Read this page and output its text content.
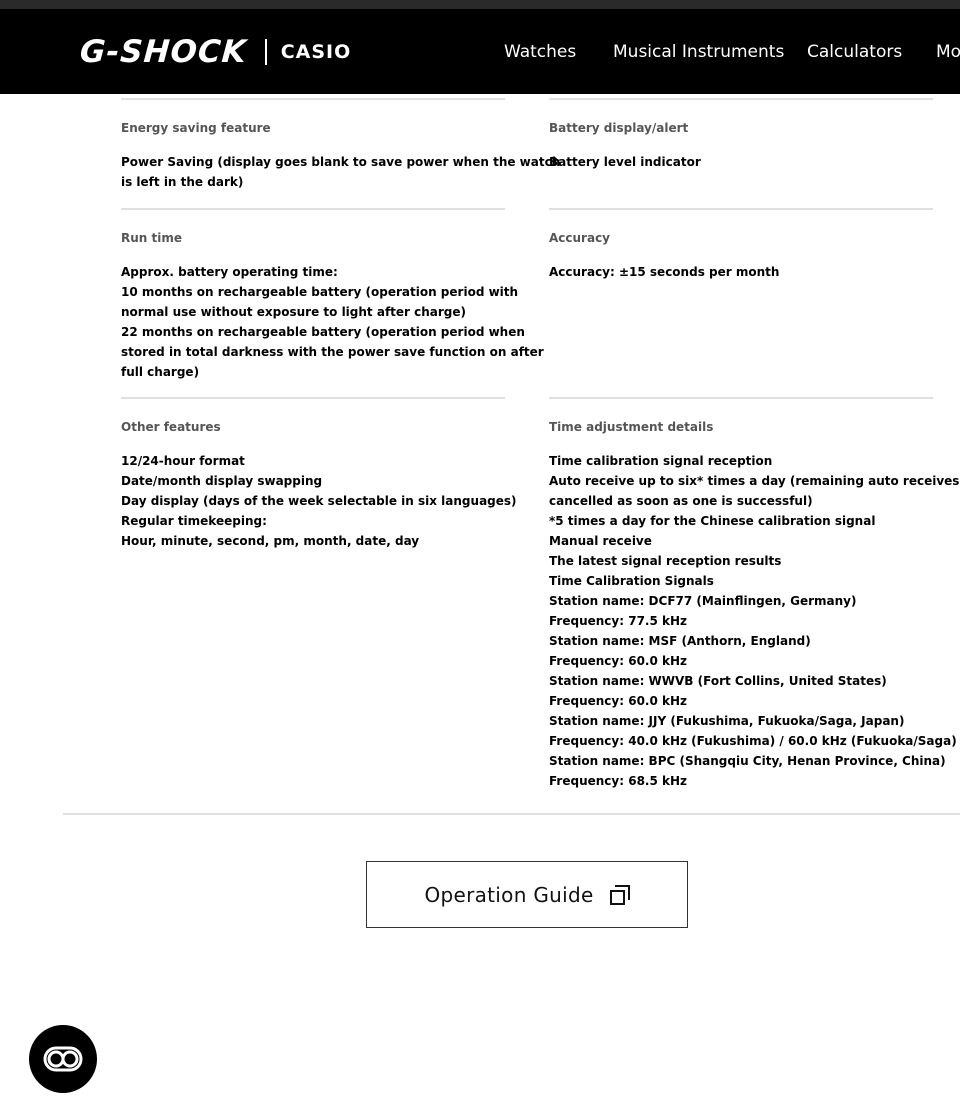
G-SHOCK CASIO	Watches Musical Instruments Calculators Mot
Energy saving feature
Power Saving (display goes blank to save power when the watch
is left in the dark)
Battery display/alert
Battery level indicator
Run time
Approx. battery operating time:
10 months on rechargeable battery (operation period with
normal use without exposure to light after charge)
22 months on rechargeable battery (operation period when
stored in total darkness with the power save function on after
full charge)
Accuracy
Accuracy: ±15 seconds per month
Other features
12/24-hour format
Date/month display swapping
Day display (days of the week selectable in six languages)
Regular timekeeping:
Hour, minute, second, pm, month, date, day
Time adjustment details
Time calibration signal reception
Auto receive up to six* times a day (remaining auto receives
cancelled as soon as one is successful)
*5 times a day for the Chinese calibration signal
Manual receive
The latest signal reception results
Time Calibration Signals
Station name: DCF77 (Mainflingen, Germany)
Frequency: 77.5 kHz
Station name: MSF (Anthorn, England)
Frequency: 60.0 kHz
Station name: WWVB (Fort Collins, United States)
Frequency: 60.0 kHz
Station name: JJY (Fukushima, Fukuoka/Saga, Japan)
Frequency: 40.0 kHz (Fukushima) / 60.0 kHz (Fukuoka/Saga)
Station name: BPC (Shangqiu City, Henan Province, China)
Frequency: 68.5 kHz
Operation Guide
